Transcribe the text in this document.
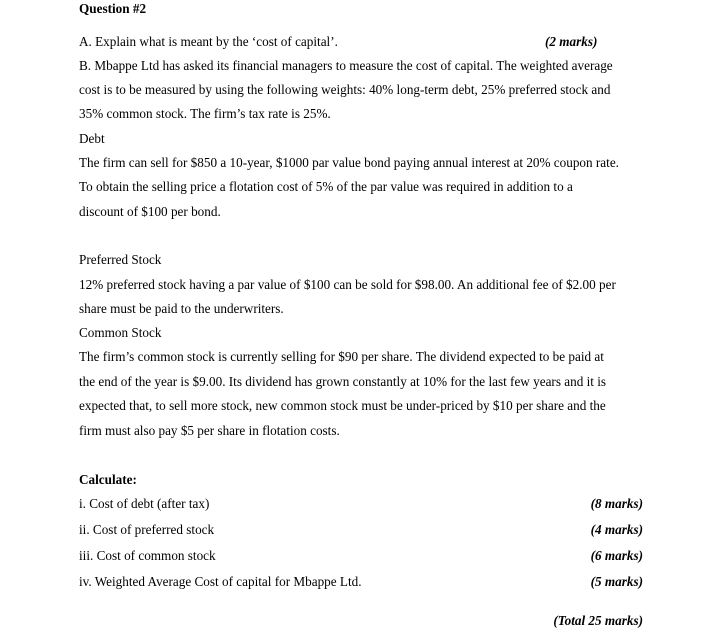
Question #2
A. Explain what is meant by the ‘cost of capital’.	(2 marks)
B. Mbappe Ltd has asked its financial managers to measure the cost of capital. The weighted average
cost is to be measured by using the following weights: 40% long-term debt, 25% preferred stock and
35% common stock. The firm’s tax rate is 25%.
Debt
The firm can sell for $850 a 10-year, $1000 par value bond paying annual interest at 20% coupon rate.
To obtain the selling price a flotation cost of 5% of the par value was required in addition to a
discount of $100 per bond.
Preferred Stock
12% preferred stock having a par value of $100 can be sold for $98.00. An additional fee of $2.00 per
share must be paid to the underwriters.
Common Stock
The firm’s common stock is currently selling for $90 per share. The dividend expected to be paid at
the end of the year is $9.00. Its dividend has grown constantly at 10% for the last few years and it is
expected that, to sell more stock, new common stock must be under-priced by $10 per share and the
firm must also pay $5 per share in flotation costs.
Calculate:
i. Cost of debt (after tax)	(8 marks)
ii. Cost of preferred stock	(4 marks)
iii. Cost of common stock	(6 marks)
iv. Weighted Average Cost of capital for Mbappe Ltd.	(5 marks)
(Total 25 marks)
